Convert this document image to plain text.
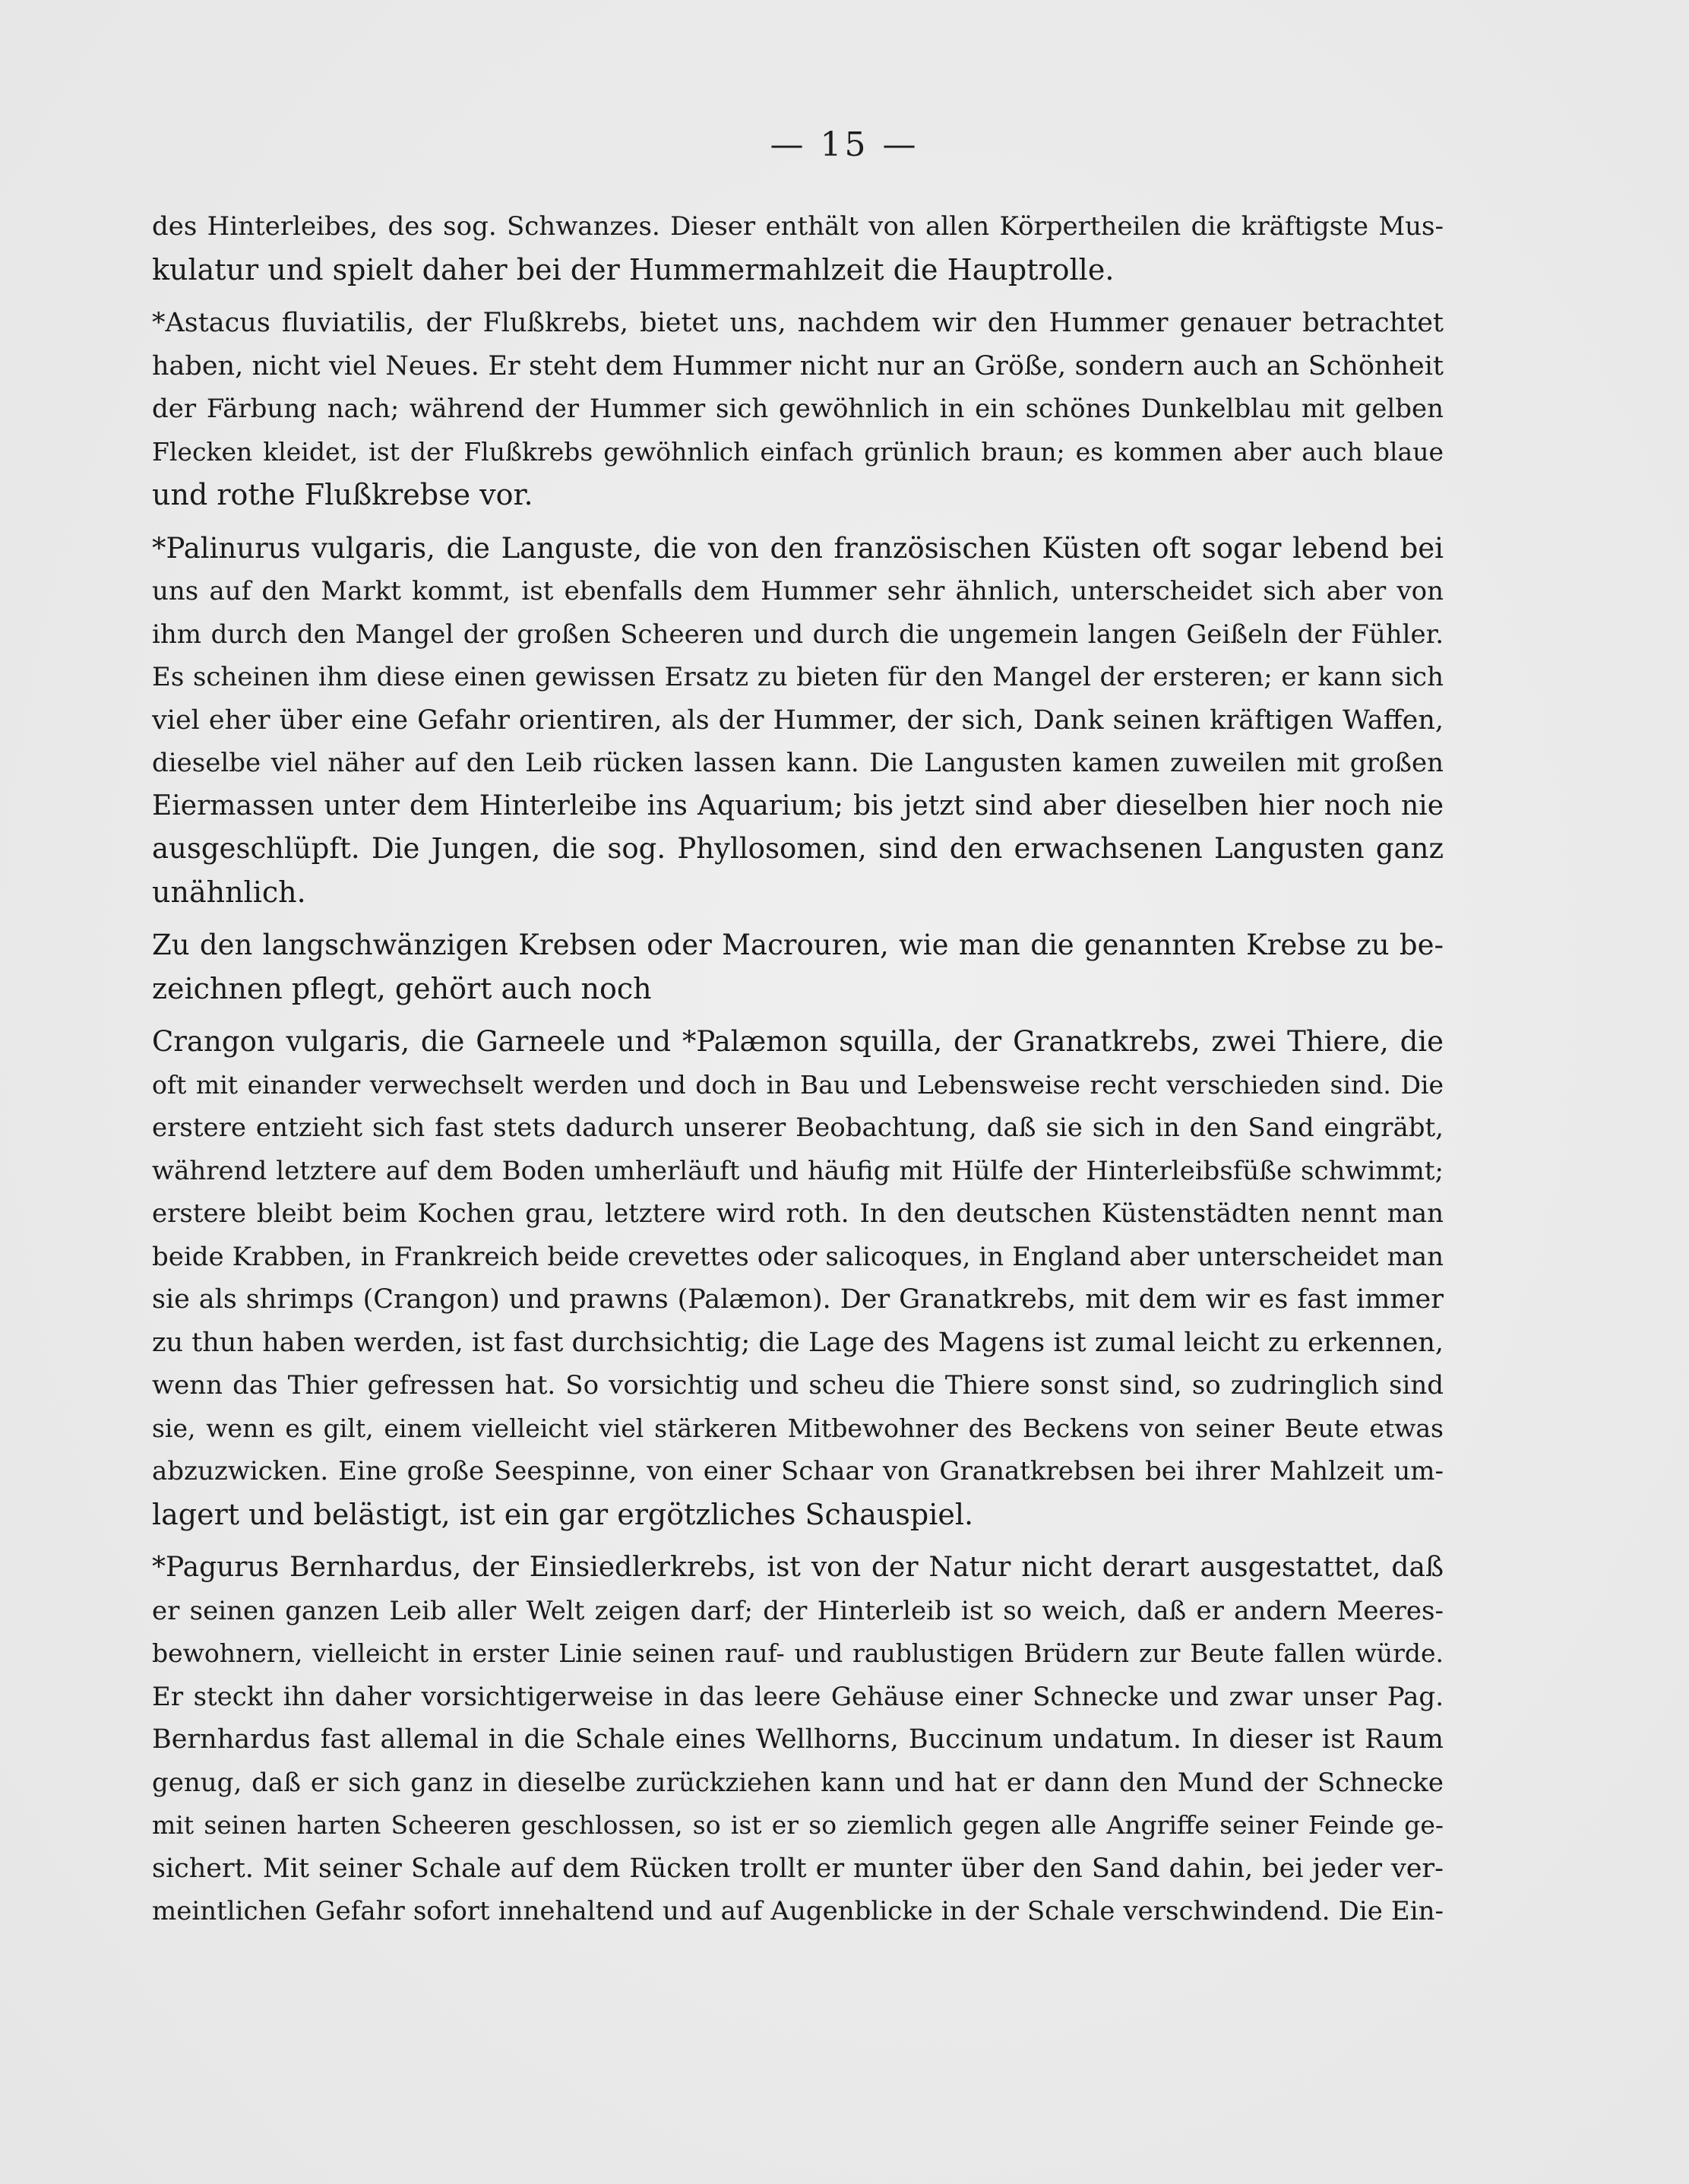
— 15 —
des Hinterleibes, des sog. Schwanzes. Dieser enthält von allen Körpertheilen die kräftigste Mus-
kulatur und spielt daher bei der Hummermahlzeit die Hauptrolle.
*Astacus fluviatilis, der Flußkrebs, bietet uns, nachdem wir den Hummer genauer betrachtet
haben, nicht viel Neues. Er steht dem Hummer nicht nur an Größe, sondern auch an Schönheit
der Färbung nach; während der Hummer sich gewöhnlich in ein schönes Dunkelblau mit gelben
Flecken kleidet, ist der Flußkrebs gewöhnlich einfach grünlich braun; es kommen aber auch blaue
und rothe Flußkrebse vor.
*Palinurus vulgaris, die Languste, die von den französischen Küsten oft sogar lebend bei
uns auf den Markt kommt, ist ebenfalls dem Hummer sehr ähnlich, unterscheidet sich aber von
ihm durch den Mangel der großen Scheeren und durch die ungemein langen Geißeln der Fühler.
Es scheinen ihm diese einen gewissen Ersatz zu bieten für den Mangel der ersteren; er kann sich
viel eher über eine Gefahr orientiren, als der Hummer, der sich, Dank seinen kräftigen Waffen,
dieselbe viel näher auf den Leib rücken lassen kann. Die Langusten kamen zuweilen mit großen
Eiermassen unter dem Hinterleibe ins Aquarium; bis jetzt sind aber dieselben hier noch nie
ausgeschlüpft. Die Jungen, die sog. Phyllosomen, sind den erwachsenen Langusten ganz
unähnlich.
Zu den langschwänzigen Krebsen oder Macrouren, wie man die genannten Krebse zu be-
zeichnen pflegt, gehört auch noch
Crangon vulgaris, die Garneele und *Palæmon squilla, der Granatkrebs, zwei Thiere, die
oft mit einander verwechselt werden und doch in Bau und Lebensweise recht verschieden sind. Die
erstere entzieht sich fast stets dadurch unserer Beobachtung, daß sie sich in den Sand eingräbt,
während letztere auf dem Boden umherläuft und häufig mit Hülfe der Hinterleibsfüße schwimmt;
erstere bleibt beim Kochen grau, letztere wird roth. In den deutschen Küstenstädten nennt man
beide Krabben, in Frankreich beide crevettes oder salicoques, in England aber unterscheidet man
sie als shrimps (Crangon) und prawns (Palæmon). Der Granatkrebs, mit dem wir es fast immer
zu thun haben werden, ist fast durchsichtig; die Lage des Magens ist zumal leicht zu erkennen,
wenn das Thier gefressen hat. So vorsichtig und scheu die Thiere sonst sind, so zudringlich sind
sie, wenn es gilt, einem vielleicht viel stärkeren Mitbewohner des Beckens von seiner Beute etwas
abzuzwicken. Eine große Seespinne, von einer Schaar von Granatkrebsen bei ihrer Mahlzeit um-
lagert und belästigt, ist ein gar ergötzliches Schauspiel.
*Pagurus Bernhardus, der Einsiedlerkrebs, ist von der Natur nicht derart ausgestattet, daß
er seinen ganzen Leib aller Welt zeigen darf; der Hinterleib ist so weich, daß er andern Meeres-
bewohnern, vielleicht in erster Linie seinen rauf- und raublustigen Brüdern zur Beute fallen würde.
Er steckt ihn daher vorsichtigerweise in das leere Gehäuse einer Schnecke und zwar unser Pag.
Bernhardus fast allemal in die Schale eines Wellhorns, Buccinum undatum. In dieser ist Raum
genug, daß er sich ganz in dieselbe zurückziehen kann und hat er dann den Mund der Schnecke
mit seinen harten Scheeren geschlossen, so ist er so ziemlich gegen alle Angriffe seiner Feinde ge-
sichert. Mit seiner Schale auf dem Rücken trollt er munter über den Sand dahin, bei jeder ver-
meintlichen Gefahr sofort innehaltend und auf Augenblicke in der Schale verschwindend. Die Ein-
